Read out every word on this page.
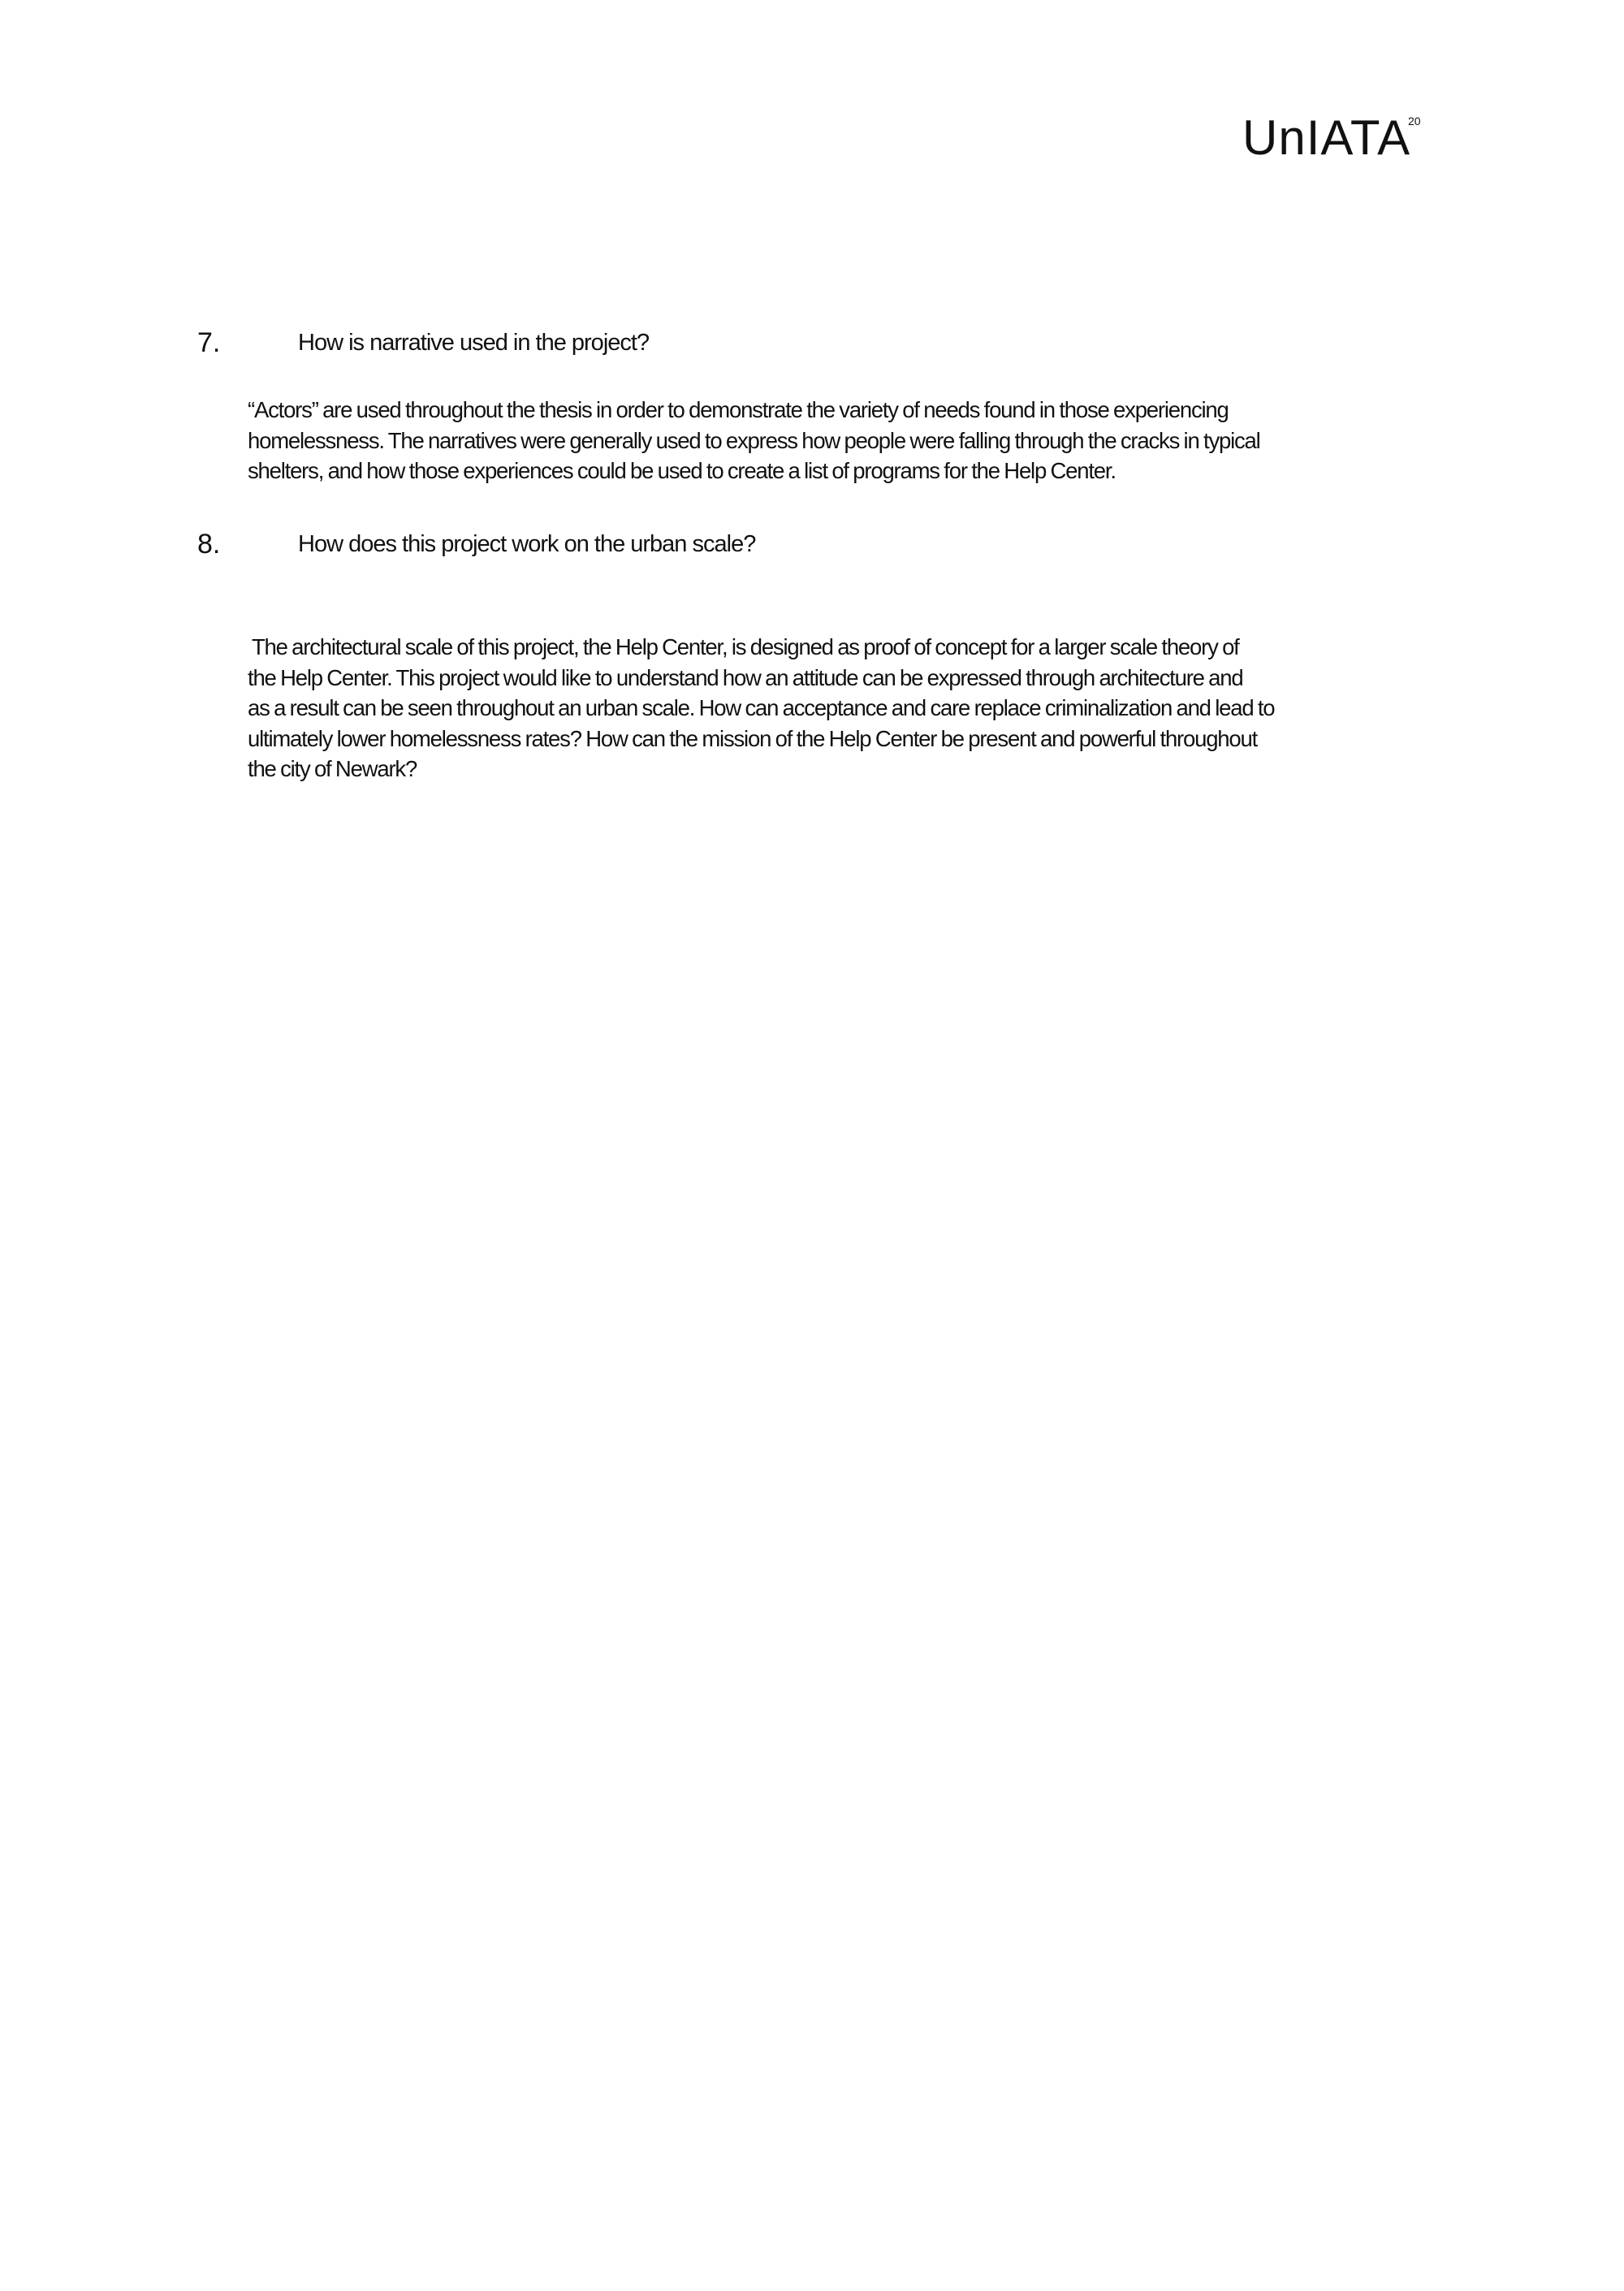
UnIATA
20
7.	How is narrative used in the project?

“Actors” are used throughout the thesis in order to demonstrate the variety of needs found in those experiencing
homelessness. The narratives were generally used to express how people were falling through the cracks in typical
shelters, and how those experiences could be used to create a list of programs for the Help Center.

8.	How does this project work on the urban scale?

The architectural scale of this project, the Help Center, is designed as proof of concept for a larger scale theory of
the Help Center. This project would like to understand how an attitude can be expressed through architecture and
as a result can be seen throughout an urban scale. How can acceptance and care replace criminalization and lead to
ultimately lower homelessness rates? How can the mission of the Help Center be present and powerful throughout
the city of Newark?
